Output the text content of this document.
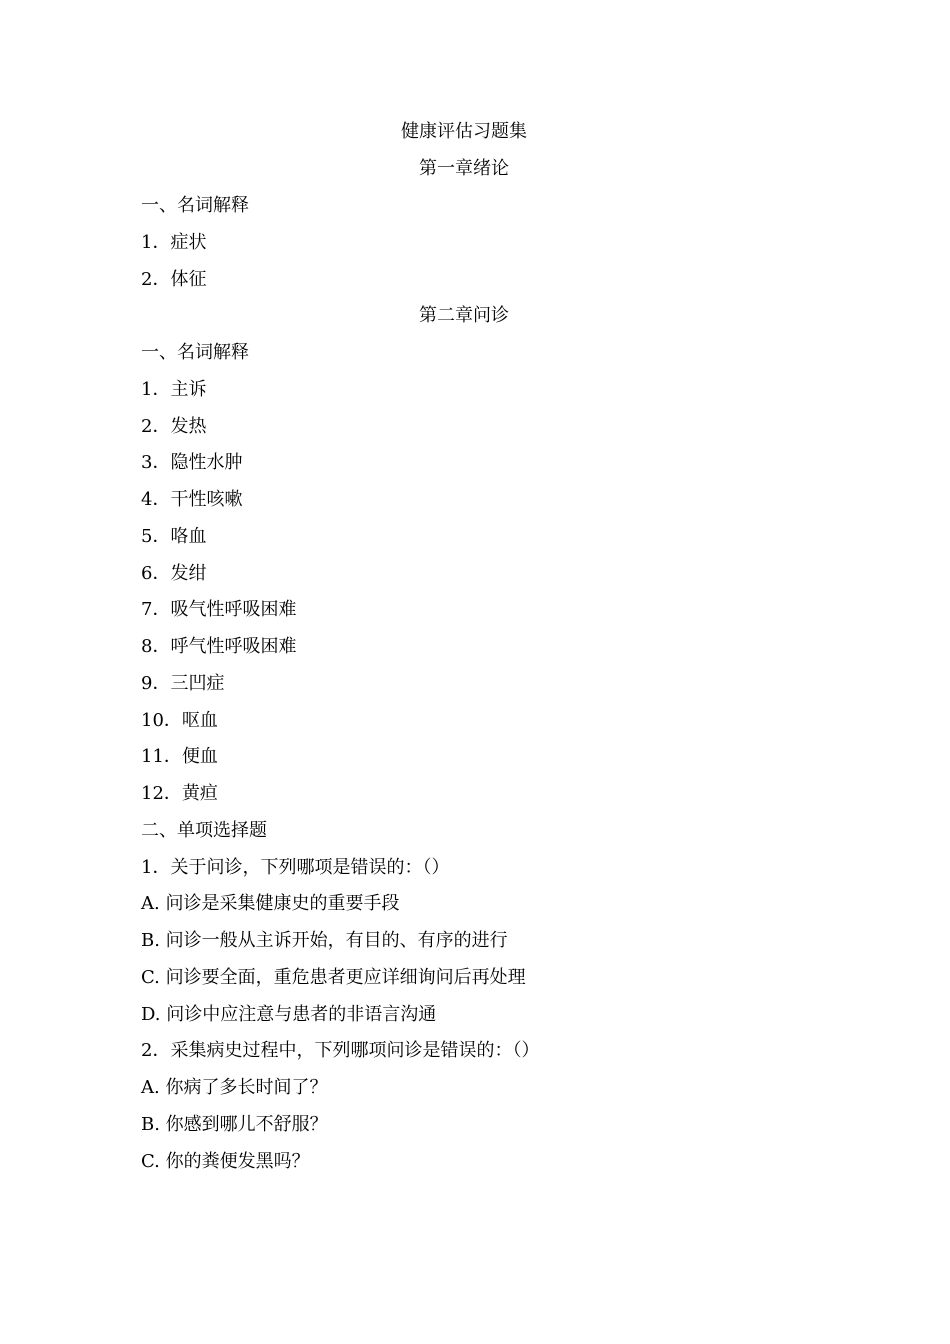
健康评估习题集
第一章绪论
一、名词解释
1．症状
2．体征
第二章问诊
一、名词解释
1．主诉
2．发热
3．隐性水肿
4．干性咳嗽
5．咯血
6．发绀
7．吸气性呼吸困难
8．呼气性呼吸困难
9．三凹症
10．呕血
11．便血
12．黄疸
二、单项选择题
1．关于问诊，下列哪项是错误的：（）
A. 问诊是采集健康史的重要手段
B. 问诊一般从主诉开始，有目的、有序的进行
C. 问诊要全面，重危患者更应详细询问后再处理
D. 问诊中应注意与患者的非语言沟通
2．采集病史过程中，下列哪项问诊是错误的：（）
A. 你病了多长时间了？
B. 你感到哪儿不舒服？
C. 你的粪便发黑吗？
